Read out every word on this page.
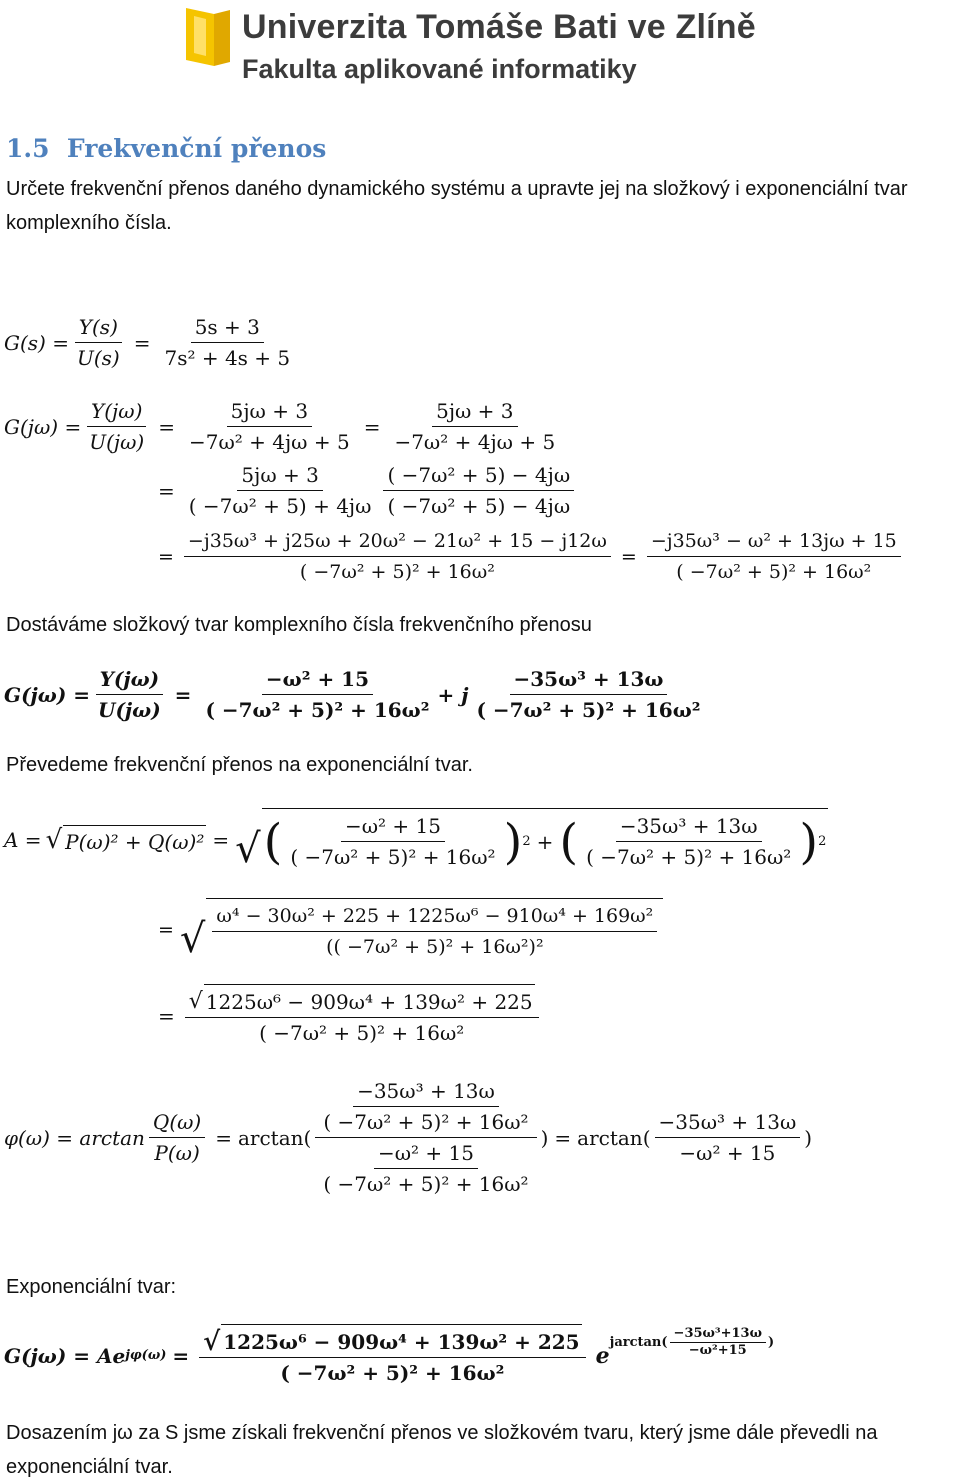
Univerzita Tomáše Bati ve Zlíně
Fakulta aplikované informatiky
1.5 Frekvenční přenos
Určete frekvenční přenos daného dynamického systému a upravte jej na složkový i exponenciální tvar komplexního čísla.
$G(s) = \frac{Y(s)}{U(s)} = \frac{5s + 3}{\text{7s² + 4s + 5}}$
$G(j\omega) = \frac{Y(j\omega)}{U(j\omega)} = \frac{5j\omega + 3}{\text{−7ω² + 4jω + 5}} = \frac{5j\omega + 3}{\text{−7ω² + 4jω + 5}}$
= $\frac{5j\omega + 3}{\text{( −7ω² + 5) + 4jω}} \frac{\text{( −7ω² + 5) − 4jω}}{\text{( −7ω² + 5) − 4jω}}$
= $\frac{\text{−j35ω³ + j25ω + 20ω² − 21ω² + 15 − j12ω}}{\text{( −7ω² + 5)² + 16ω²}} = \frac{\text{−j35ω³ − ω² + 13jω + 15}}{\text{( −7ω² + 5)² + 16ω²}}$
Dostáváme složkový tvar komplexního čísla frekvenčního přenosu
$G(j\omega) = \frac{Y(j\omega)}{U(j\omega)} = \frac{\text{−ω² + 15}}{\text{( −7ω² + 5)² + 16ω²}} + j \frac{\text{−35ω³ + 13ω}}{\text{( −7ω² + 5)² + 16ω²}}$
Převedeme frekvenční přenos na exponenciální tvar.
A = √ P(ω)² + Q(ω)² = √ ( $\frac{\text{−ω² + 15}}{\text{( −7ω² + 5)² + 16ω²}}$ ) 2 + ( $\frac{\text{−35ω³ + 13ω}}{\text{( −7ω² + 5)² + 16ω²}}$ ) 2
= √ $\frac{\text{ω⁴ − 30ω² + 225 + 1225ω⁶ − 910ω⁴ + 169ω²}}{\text{(( −7ω² + 5)² + 16ω²)²}}$
= $\frac{\text{√ 1225ω⁶ − 909ω⁴ + 139ω² + 225}}{\text{( −7ω² + 5)² + 16ω²}}$
$\varphi(\omega) = \arctan \frac{Q(\omega)}{P(\omega)} = \arctan$ ( $\frac{\frac{\text{−35ω³ + 13ω}}{\text{( −7ω² + 5)² + 16ω²}}}{\frac{\text{−ω² + 15}}{\text{( −7ω² + 5)² + 16ω²}}}$ ) = arctan ( $\frac{\text{−35ω³ + 13ω}}{\text{−ω² + 15}}$ )
Exponenciální tvar:
G(jω) = Ae $j\varphi(\omega) = \frac{\text{√ 1225ω⁶ − 909ω⁴ + 139ω² + 225}}{\text{( −7ω² + 5)² + 16ω²}}$ e
jarctan ( $\frac{\text{−35ω³+13ω}}{\text{−ω²+15}}$ )
Dosazením jω za S jsme získali frekvenční přenos ve složkovém tvaru, který jsme dále převedli na exponenciální tvar.
